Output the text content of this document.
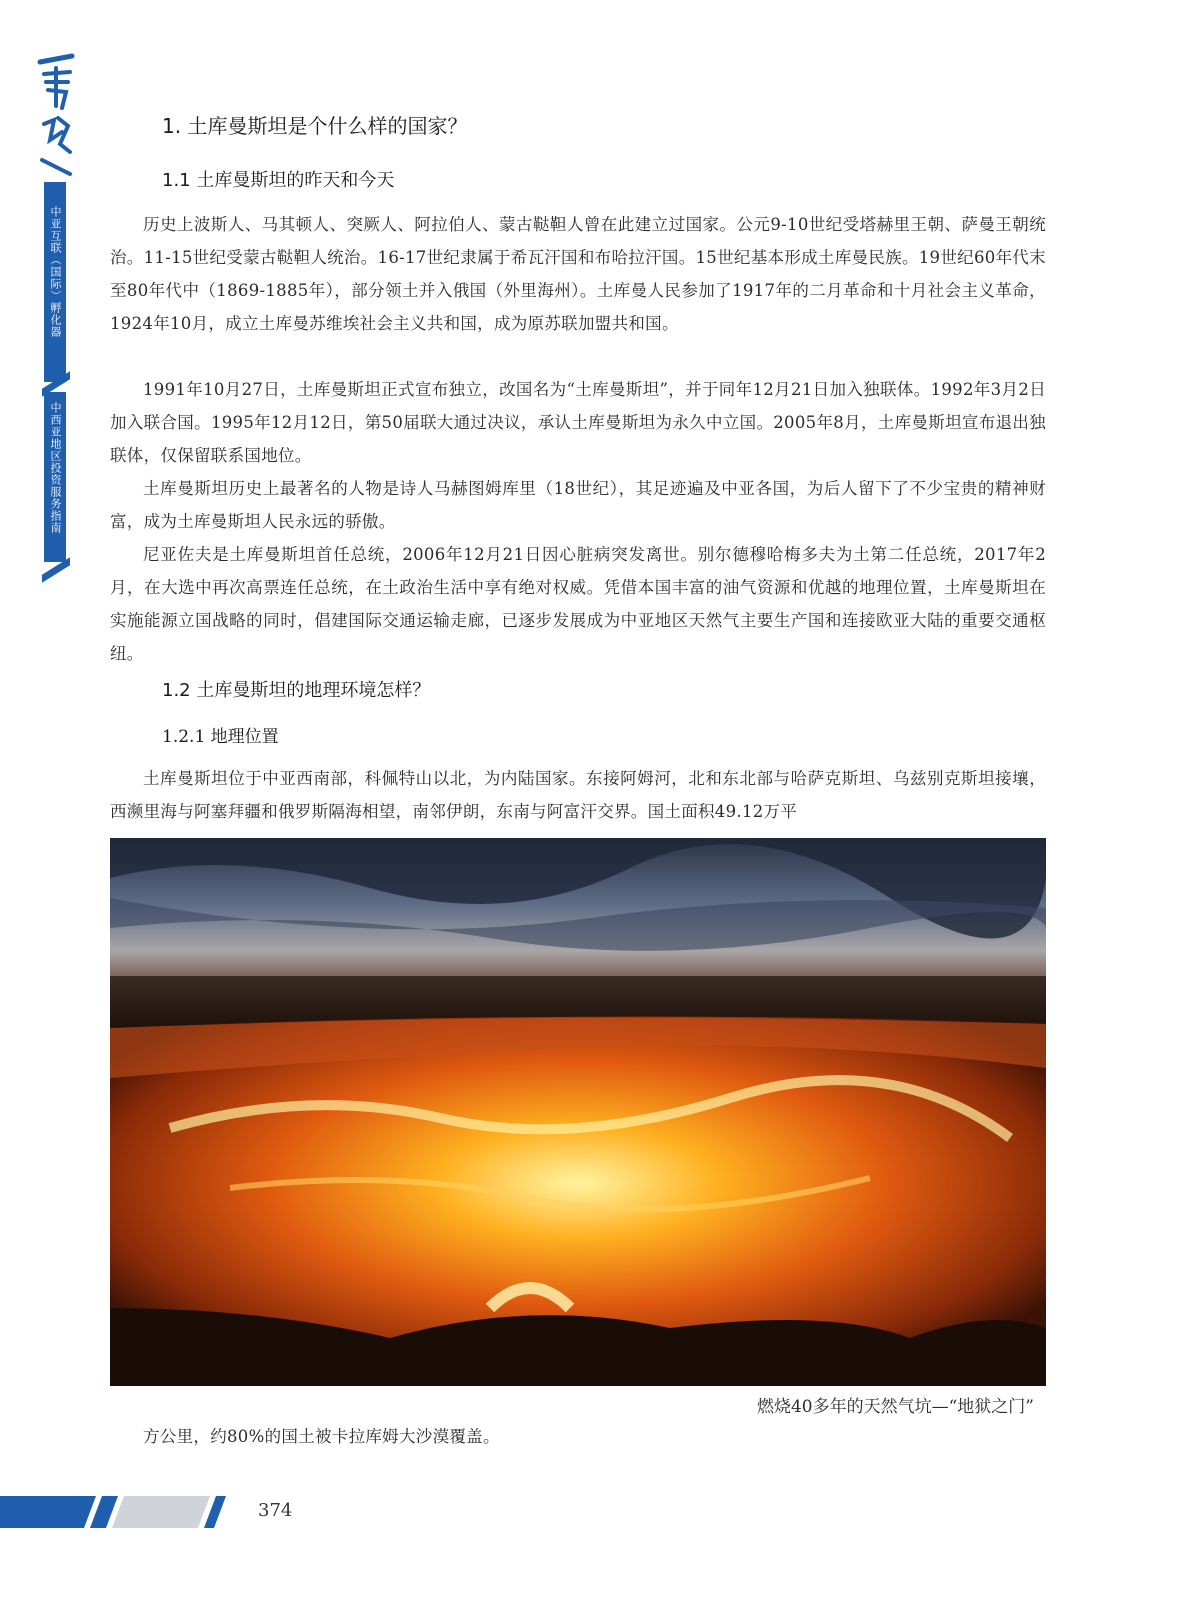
中亚互联（国际）孵化器
中西亚地区投资服务指南
1. 土库曼斯坦是个什么样的国家？
1.1 土库曼斯坦的昨天和今天

历史上波斯人、马其顿人、突厥人、阿拉伯人、蒙古鞑靼人曾在此建立过国家。公元9-10世纪受塔赫里王朝、萨曼王朝统治。11-15世纪受蒙古鞑靼人统治。16-17世纪隶属于希瓦汗国和布哈拉汗国。15世纪基本形成土库曼民族。19世纪60年代末至80年代中（1869-1885年），部分领土并入俄国（外里海州）。土库曼人民参加了1917年的二月革命和十月社会主义革命，1924年10月，成立土库曼苏维埃社会主义共和国，成为原苏联加盟共和国。

1991年10月27日，土库曼斯坦正式宣布独立，改国名为“土库曼斯坦”，并于同年12月21日加入独联体。1992年3月2日加入联合国。1995年12月12日，第50届联大通过决议，承认土库曼斯坦为永久中立国。2005年8月，土库曼斯坦宣布退出独联体，仅保留联系国地位。

土库曼斯坦历史上最著名的人物是诗人马赫图姆库里（18世纪），其足迹遍及中亚各国，为后人留下了不少宝贵的精神财富，成为土库曼斯坦人民永远的骄傲。

尼亚佐夫是土库曼斯坦首任总统，2006年12月21日因心脏病突发离世。别尔德穆哈梅多夫为土第二任总统，2017年2月，在大选中再次高票连任总统，在土政治生活中享有绝对权威。凭借本国丰富的油气资源和优越的地理位置，土库曼斯坦在实施能源立国战略的同时，倡建国际交通运输走廊，已逐步发展成为中亚地区天然气主要生产国和连接欧亚大陆的重要交通枢纽。

1.2 土库曼斯坦的地理环境怎样？
1.2.1 地理位置

土库曼斯坦位于中亚西南部，科佩特山以北，为内陆国家。东接阿姆河，北和东北部与哈萨克斯坦、乌兹别克斯坦接壤，西濒里海与阿塞拜疆和俄罗斯隔海相望，南邻伊朗，东南与阿富汗交界。国土面积49.12万平

燃烧40多年的天然气坑—“地狱之门”

方公里，约80%的国土被卡拉库姆大沙漠覆盖。

374
